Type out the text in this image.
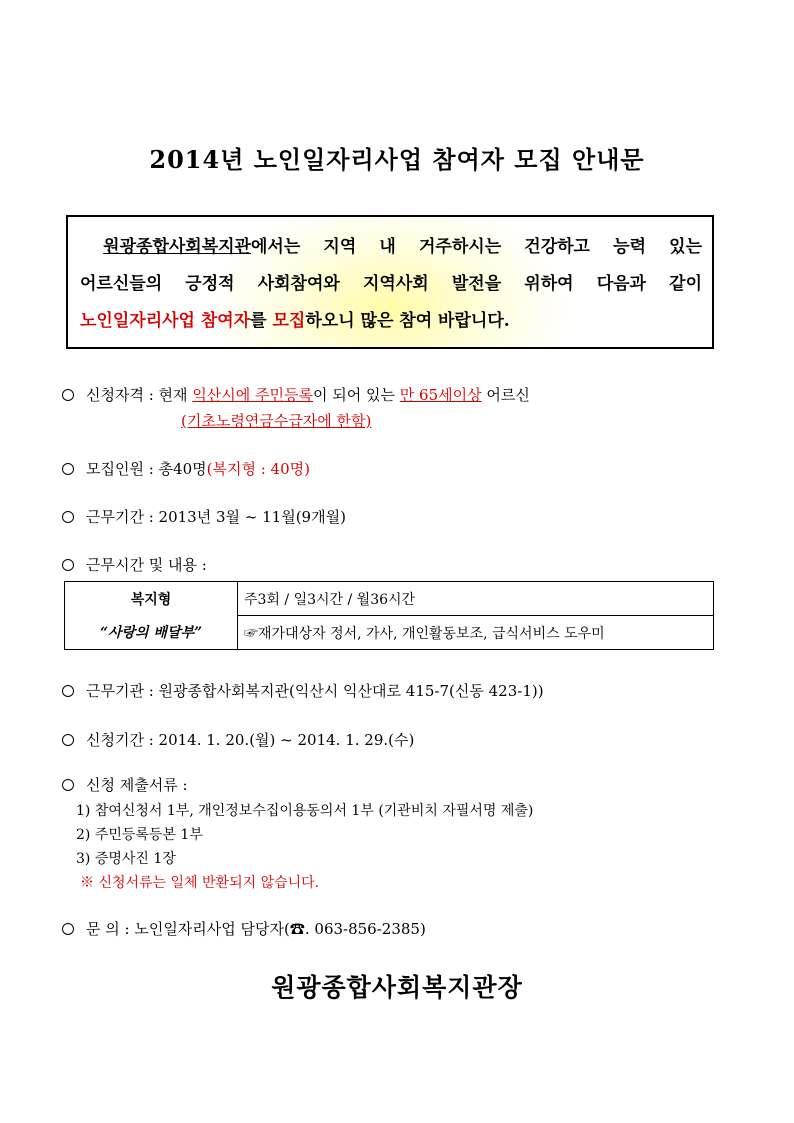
2014년 노인일자리사업 참여자 모집 안내문
원광종합사회복지관에서는 지역 내 거주하시는 건강하고 능력 있는
어르신들의 긍정적 사회참여와 지역사회 발전을 위하여 다음과 같이
노인일자리사업 참여자를 모집하오니 많은 참여 바랍니다.
신청자격 : 현재 익산시에 주민등록이 되어 있는 만 65세이상 어르신
(기초노령연금수급자에 한함)
모집인원 : 총40명(복지형 : 40명)
근무기간 : 2013년 3월 ~ 11월(9개월)
근무시간 및 내용 :
복지형	주3회 / 일3시간 / 월36시간
“사랑의 배달부”	☞재가대상자 정서, 가사, 개인활동보조, 급식서비스 도우미
근무기관 : 원광종합사회복지관(익산시 익산대로 415-7(신동 423-1))
신청기간 : 2014. 1. 20.(월) ~ 2014. 1. 29.(수)
신청 제출서류 :
1) 참여신청서 1부, 개인정보수집이용동의서 1부 (기관비치 자필서명 제출)
2) 주민등록등본 1부
3) 증명사진 1장
※ 신청서류는 일체 반환되지 않습니다.
문 의 : 노인일자리사업 담당자(☎. 063-856-2385)
원광종합사회복지관장
